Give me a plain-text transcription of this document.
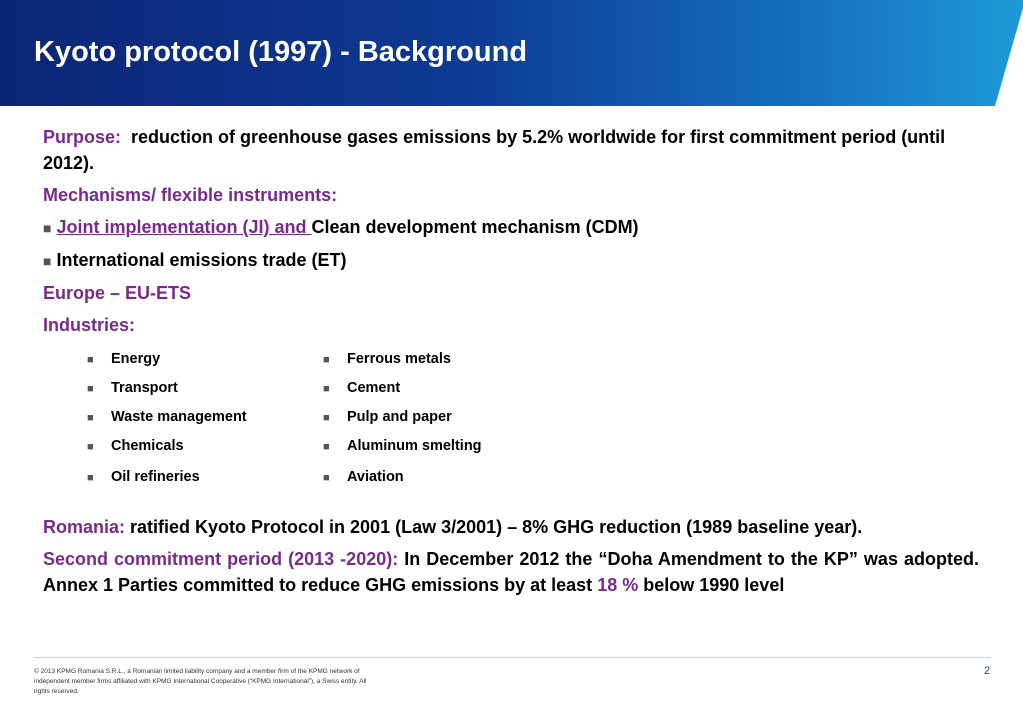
Kyoto protocol (1997) - Background

Purpose: reduction of greenhouse gases emissions by 5.2% worldwide for first commitment period (until 2012).

Mechanisms/ flexible instruments:

■ Joint implementation (JI) and Clean development mechanism (CDM)

■ International emissions trade (ET)

Europe – EU-ETS

Industries:

■ Energy
■ Transport
■ Waste management
■ Chemicals
■ Oil refineries
■ Ferrous metals
■ Cement
■ Pulp and paper
■ Aluminum smelting
■ Aviation

Romania: ratified Kyoto Protocol in 2001 (Law 3/2001) – 8% GHG reduction (1989 baseline year).

Second commitment period (2013 -2020): In December 2012 the “Doha Amendment to the KP” was adopted. Annex 1 Parties committed to reduce GHG emissions by at least 18 % below 1990 level

© 2013 KPMG Romania S.R.L., a Romanian limited liability company and a member firm of the KPMG network of independent member firms affiliated with KPMG International Cooperative (“KPMG International”), a Swiss entity. All rights reserved.
2
